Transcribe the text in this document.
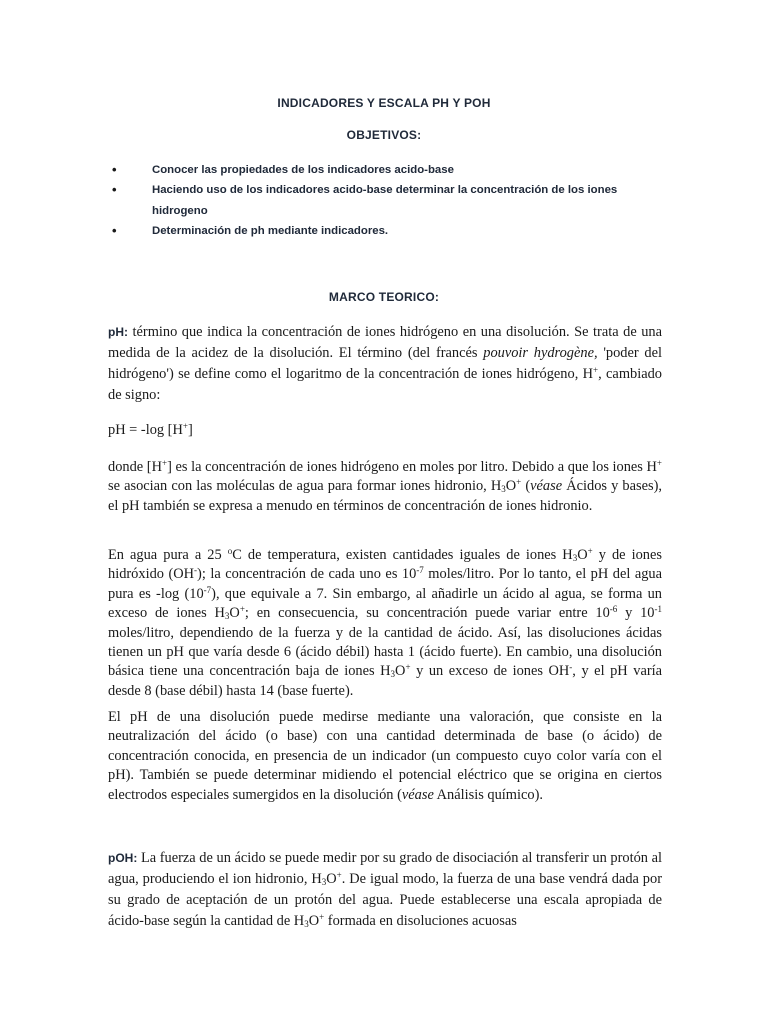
INDICADORES Y ESCALA PH Y POH
OBJETIVOS:
•	Conocer las propiedades de los indicadores acido-base
•	Haciendo uso de los indicadores acido-base determinar la concentración de los iones hidrogeno
•	Determinación de ph mediante indicadores.
MARCO TEORICO:

pH: término que indica la concentración de iones hidrógeno en una disolución. Se trata de una medida de la acidez de la disolución. El término (del francés pouvoir hydrogène, 'poder del hidrógeno') se define como el logaritmo de la concentración de iones hidrógeno, H+, cambiado de signo:

pH = -log [H+]

donde [H+] es la concentración de iones hidrógeno en moles por litro. Debido a que los iones H+ se asocian con las moléculas de agua para formar iones hidronio, $H_3O^+$ (véase Ácidos y bases), el pH también se expresa a menudo en términos de concentración de iones hidronio.

En agua pura a 25 $^o$C de temperatura, existen cantidades iguales de iones $H_3O^+$ y de iones hidróxido (OH-); la concentración de cada uno es $10^{-7}$ moles/litro. Por lo tanto, el pH del agua pura es -log $(10^{-7})$, que equivale a 7. Sin embargo, al añadirle un ácido al agua, se forma un exceso de iones $H_3O^+$; en consecuencia, su concentración puede variar entre $10^{-6}$ y $10^{-1}$ moles/litro, dependiendo de la fuerza y de la cantidad de ácido. Así, las disoluciones ácidas tienen un pH que varía desde 6 (ácido débil) hasta 1 (ácido fuerte). En cambio, una disolución básica tiene una concentración baja de iones $H_3O^+$ y un exceso de iones OH-, y el pH varía desde 8 (base débil) hasta 14 (base fuerte).

El pH de una disolución puede medirse mediante una valoración, que consiste en la neutralización del ácido (o base) con una cantidad determinada de base (o ácido) de concentración conocida, en presencia de un indicador (un compuesto cuyo color varía con el pH). También se puede determinar midiendo el potencial eléctrico que se origina en ciertos electrodos especiales sumergidos en la disolución (véase Análisis químico).

pOH: La fuerza de un ácido se puede medir por su grado de disociación al transferir un protón al agua, produciendo el ion hidronio, $H_3O^+$. De igual modo, la fuerza de una base vendrá dada por su grado de aceptación de un protón del agua. Puede establecerse una escala apropiada de ácido-base según la cantidad de $H_3O^+$ formada en disoluciones acuosas
